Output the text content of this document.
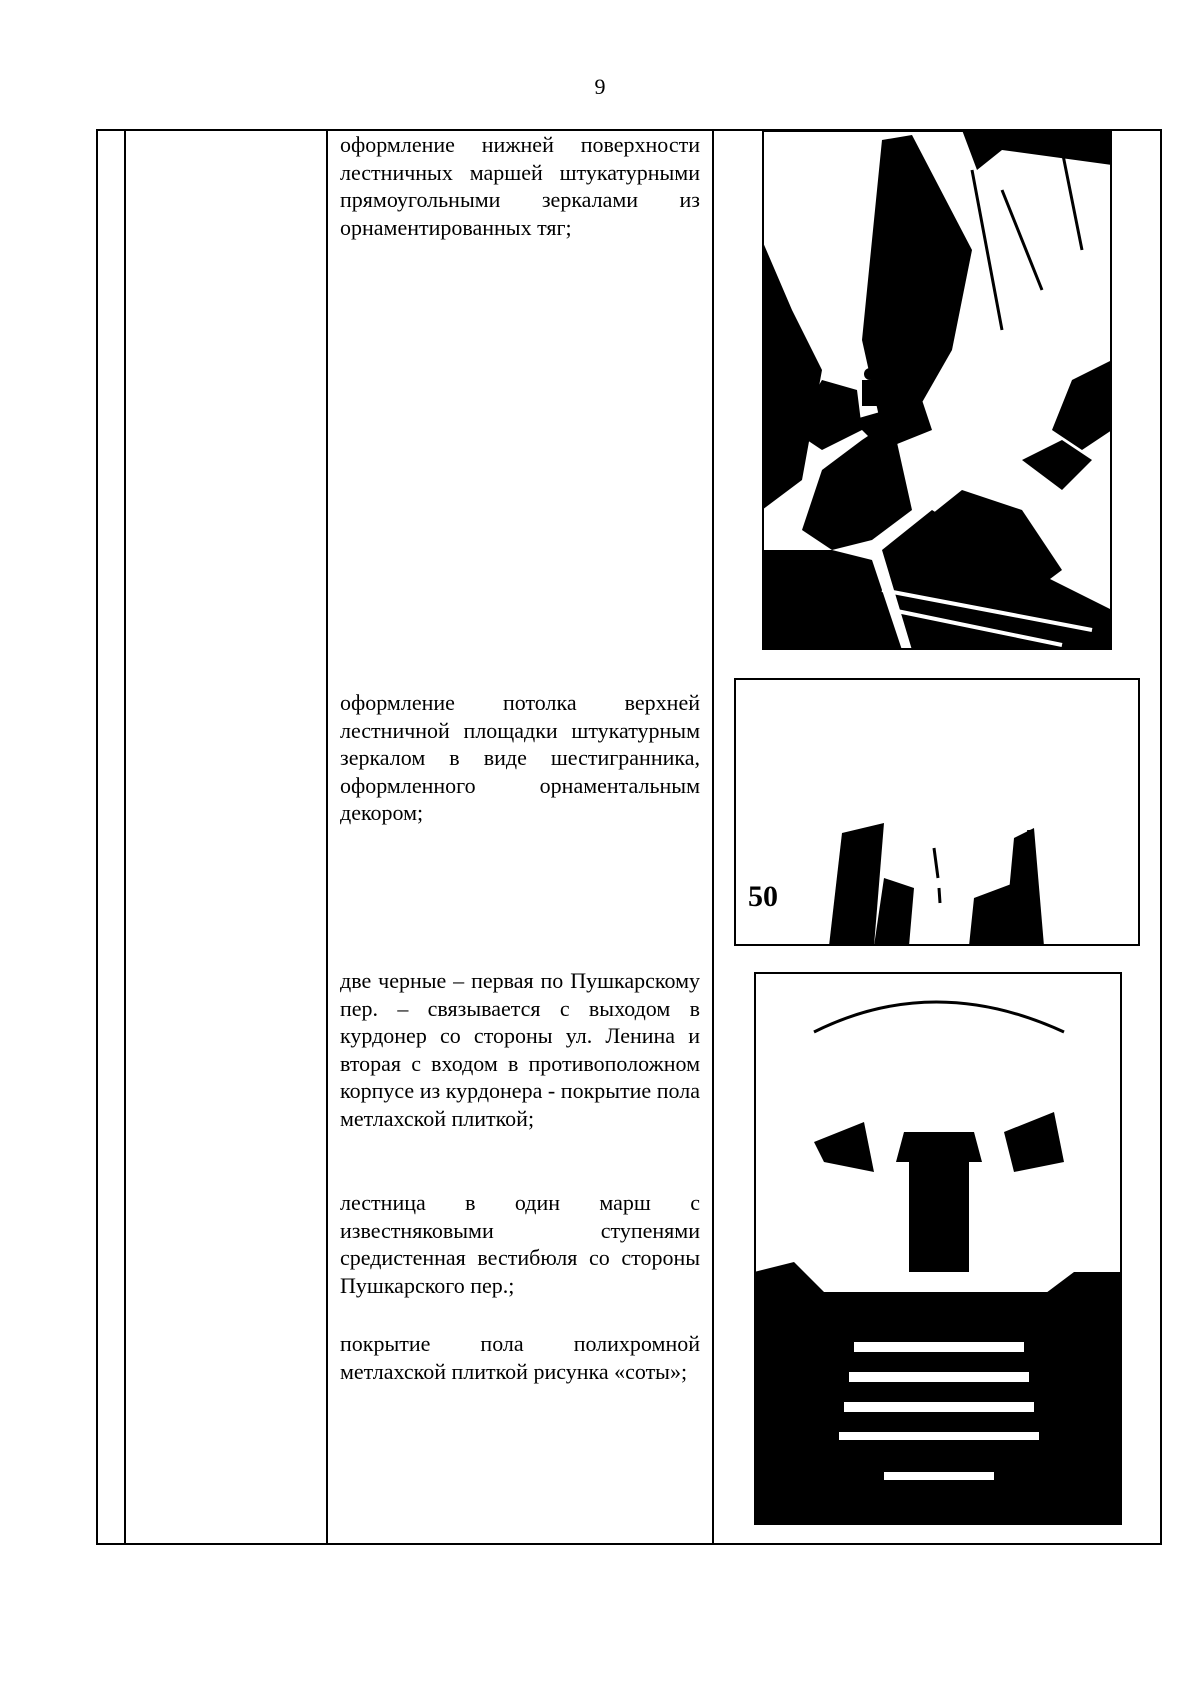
9

оформление нижней поверхности лестничных маршей штукатурными прямоугольными зеркалами из орнаментированных тяг;

оформление потолка верхней лестничной площадки штукатурным зеркалом в виде шестигранника, оформленного орнаментальным декором;

две черные – первая по Пушкарскому пер. – связывается с выходом в курдонер со стороны ул. Ленина и вторая с входом в противоположном корпусе из курдонера - покрытие пола метлахской плиткой;

лестница в один марш с известняковыми ступенями средистенная вестибюля со стороны Пушкарского пер.;

покрытие пола полихромной метлахской плиткой рисунка «соты»;

50
